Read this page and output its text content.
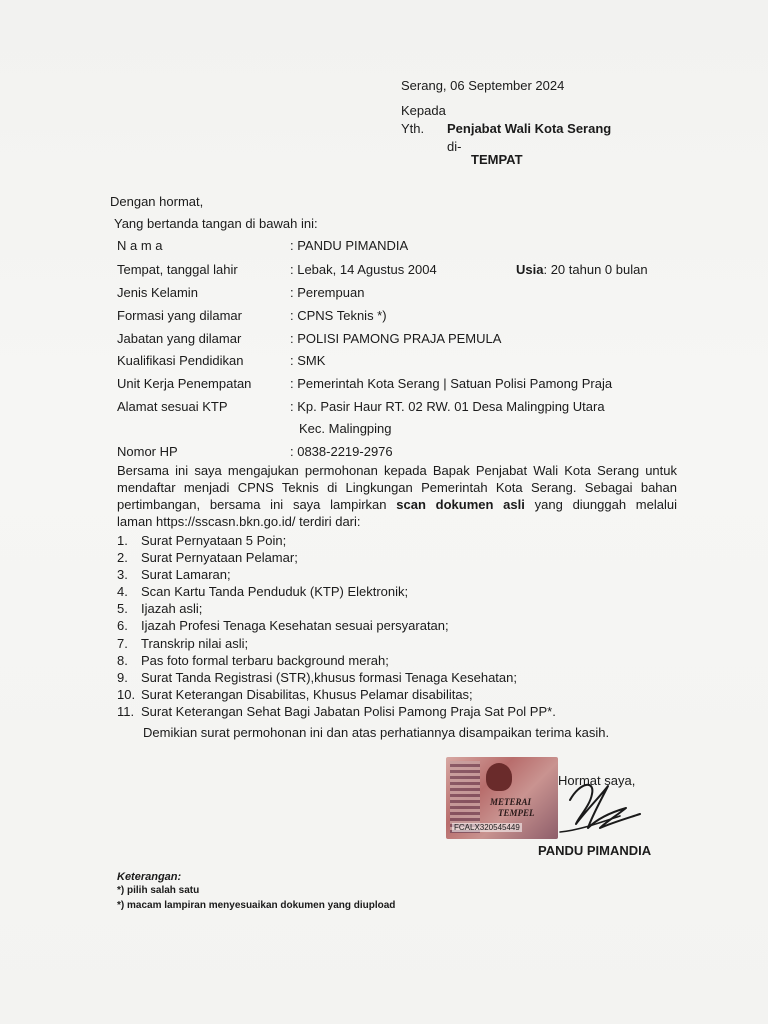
Serang, 06 September 2024
Kepada
Yth. Penjabat Wali Kota Serang
di-
TEMPAT
Dengan hormat,
Yang bertanda tangan di bawah ini:
N a m a	: PANDU PIMANDIA
Tempat, tanggal lahir	: Lebak, 14 Agustus 2004	Usia: 20 tahun 0 bulan
Jenis Kelamin	: Perempuan
Formasi yang dilamar	: CPNS Teknis *)
Jabatan yang dilamar	: POLISI PAMONG PRAJA PEMULA
Kualifikasi Pendidikan	: SMK
Unit Kerja Penempatan	: Pemerintah Kota Serang | Satuan Polisi Pamong Praja
Alamat sesuai KTP	: Kp. Pasir Haur RT. 02 RW. 01 Desa Malingping Utara
Kec. Malingping
Nomor HP	: 0838-2219-2976
Bersama ini saya mengajukan permohonan kepada Bapak Penjabat Wali Kota Serang untuk
mendaftar menjadi CPNS Teknis di Lingkungan Pemerintah Kota Serang. Sebagai bahan
pertimbangan, bersama ini saya lampirkan scan dokumen asli yang diunggah melalui
laman https://sscasn.bkn.go.id/ terdiri dari:
1. Surat Pernyataan 5 Poin;
2. Surat Pernyataan Pelamar;
3. Surat Lamaran;
4. Scan Kartu Tanda Penduduk (KTP) Elektronik;
5. Ijazah asli;
6. Ijazah Profesi Tenaga Kesehatan sesuai persyaratan;
7. Transkrip nilai asli;
8. Pas foto formal terbaru background merah;
9. Surat Tanda Registrasi (STR),khusus formasi Tenaga Kesehatan;
10. Surat Keterangan Disabilitas, Khusus Pelamar disabilitas;
11. Surat Keterangan Sehat Bagi Jabatan Polisi Pamong Praja Sat Pol PP*.
Demikian surat permohonan ini dan atas perhatiannya disampaikan terima kasih.
METERAI
TEMPEL
FCALX320545449
Hormat saya,
PANDU PIMANDIA
Keterangan:
*) pilih salah satu
*) macam lampiran menyesuaikan dokumen yang diupload
